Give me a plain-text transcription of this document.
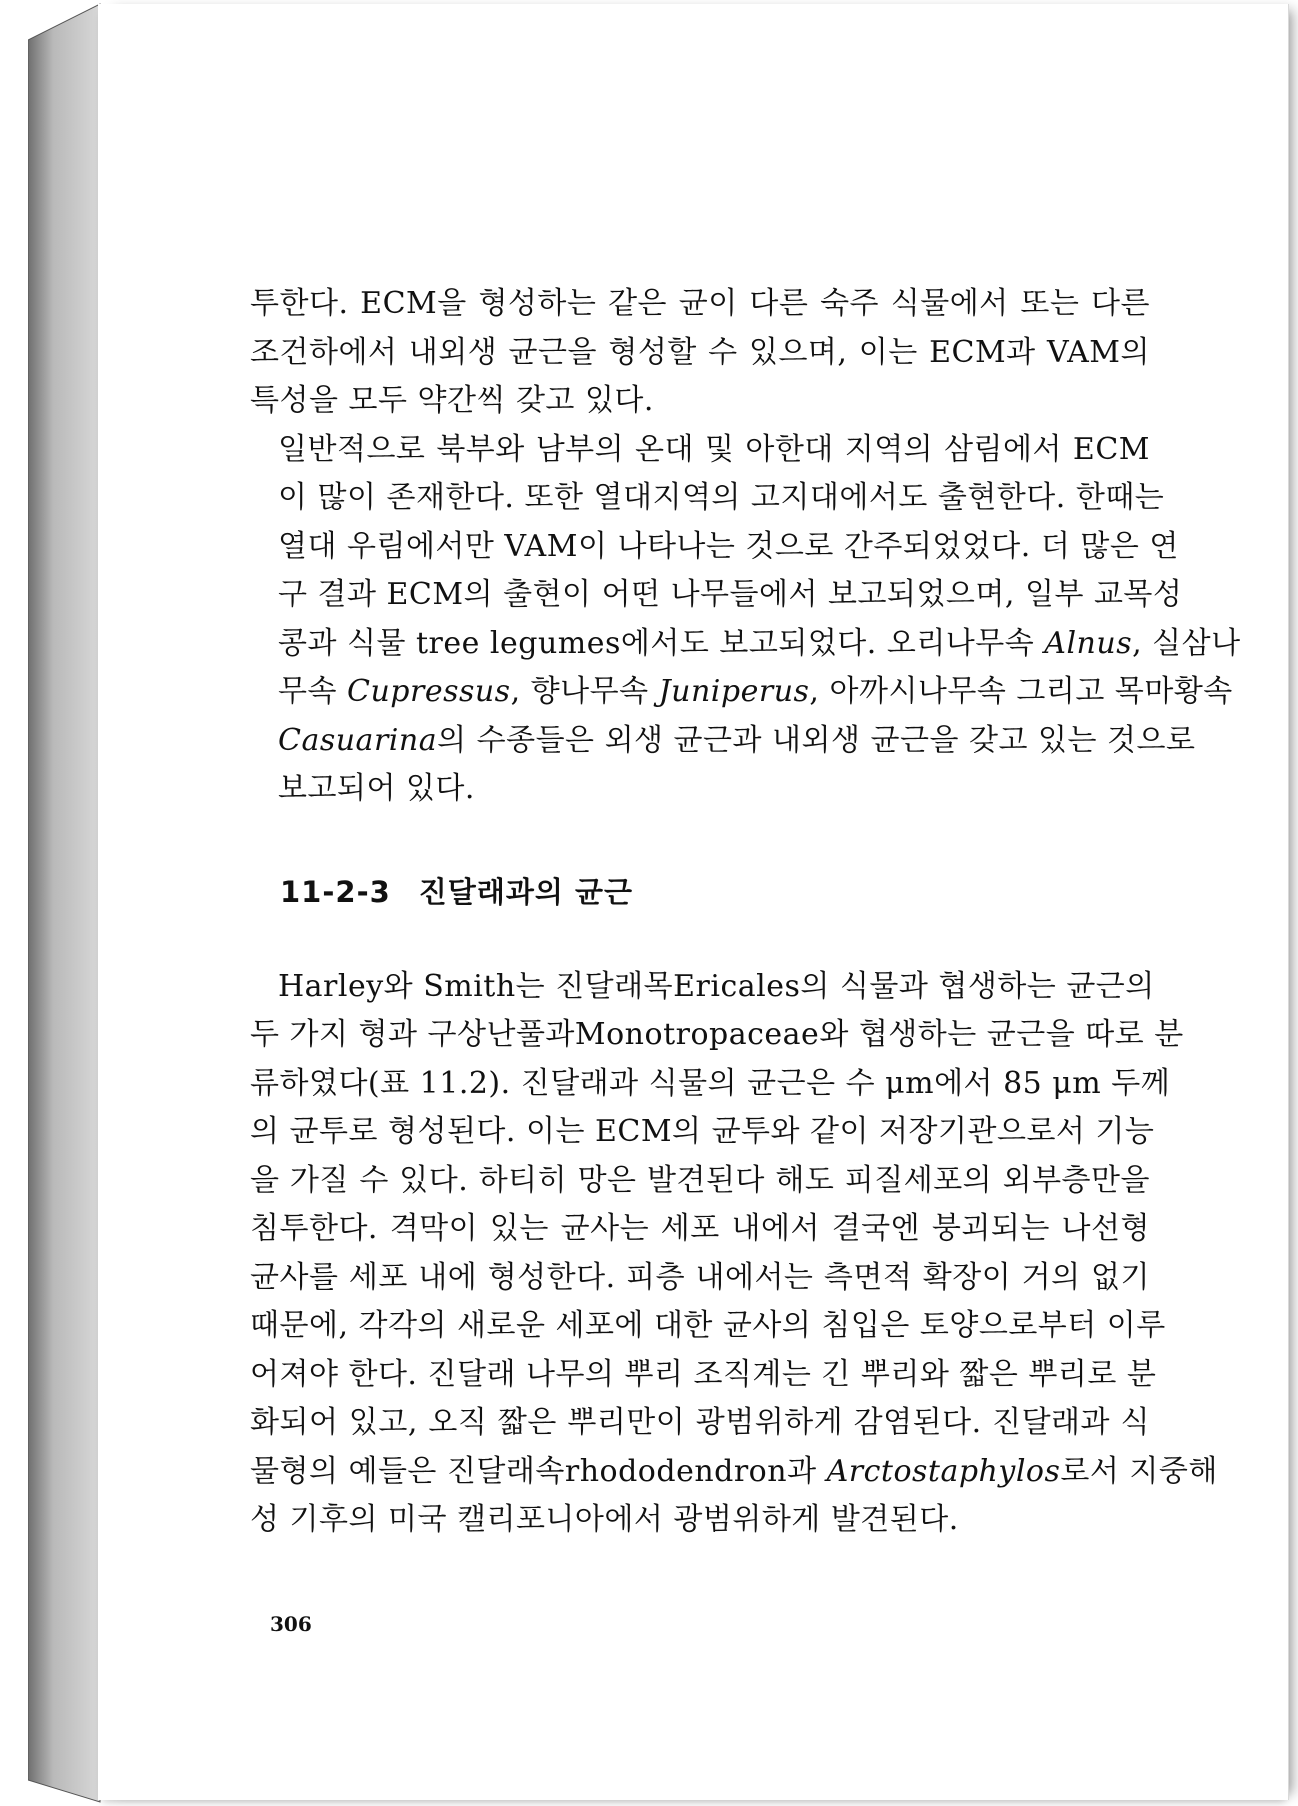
투한다. ECM을 형성하는 같은 균이 다른 숙주 식물에서 또는 다른
조건하에서 내외생 균근을 형성할 수 있으며, 이는 ECM과 VAM의
특성을 모두 약간씩 갖고 있다.

일반적으로 북부와 남부의 온대 및 아한대 지역의 삼림에서 ECM
이 많이 존재한다. 또한 열대지역의 고지대에서도 출현한다. 한때는
열대 우림에서만 VAM이 나타나는 것으로 간주되었었다. 더 많은 연
구 결과 ECM의 출현이 어떤 나무들에서 보고되었으며, 일부 교목성
콩과 식물 tree legumes에서도 보고되었다. 오리나무속 Alnus, 실삼나
무속 Cupressus, 향나무속 Juniperus, 아까시나무속 그리고 목마황속
Casuarina의 수종들은 외생 균근과 내외생 균근을 갖고 있는 것으로
보고되어 있다.

11-2-3 진달래과의 균근

Harley와 Smith는 진달래목Ericales의 식물과 협생하는 균근의
두 가지 형과 구상난풀과Monotropaceae와 협생하는 균근을 따로 분
류하였다(표 11.2). 진달래과 식물의 균근은 수 μm에서 85 μm 두께
의 균투로 형성된다. 이는 ECM의 균투와 같이 저장기관으로서 기능
을 가질 수 있다. 하티히 망은 발견된다 해도 피질세포의 외부층만을
침투한다. 격막이 있는 균사는 세포 내에서 결국엔 붕괴되는 나선형
균사를 세포 내에 형성한다. 피층 내에서는 측면적 확장이 거의 없기
때문에, 각각의 새로운 세포에 대한 균사의 침입은 토양으로부터 이루
어져야 한다. 진달래 나무의 뿌리 조직계는 긴 뿌리와 짧은 뿌리로 분
화되어 있고, 오직 짧은 뿌리만이 광범위하게 감염된다. 진달래과 식
물형의 예들은 진달래속rhododendron과 Arctostaphylos로서 지중해
성 기후의 미국 캘리포니아에서 광범위하게 발견된다.

306
